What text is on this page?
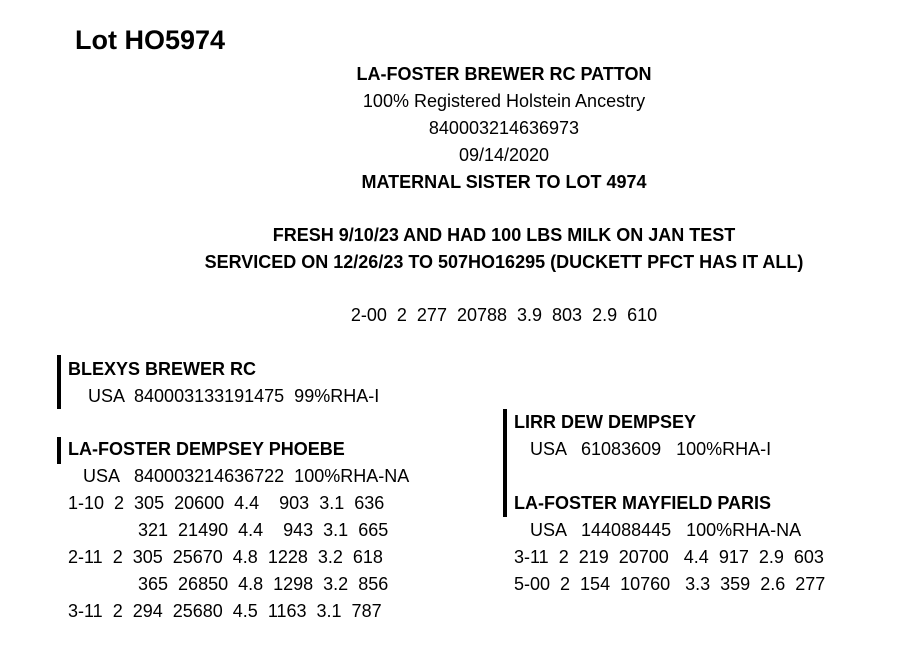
Lot HO5974
LA-FOSTER BREWER RC PATTON
100% Registered Holstein Ancestry
840003214636973
09/14/2020
MATERNAL SISTER TO LOT 4974
FRESH 9/10/23 AND HAD 100 LBS MILK ON JAN TEST
SERVICED ON 12/26/23 TO 507HO16295 (DUCKETT PFCT HAS IT ALL)
2-00  2  277  20788  3.9  803  2.9  610
BLEXYS BREWER RC
USA  840003133191475  99%RHA-I
LA-FOSTER DEMPSEY PHOEBE
USA   840003214636722  100%RHA-NA
1-10  2  305  20600  4.4    903  3.1  636
321  21490  4.4    943  3.1  665
2-11  2  305  25670  4.8  1228  3.2  618
365  26850  4.8  1298  3.2  856
3-11  2  294  25680  4.5  1163  3.1  787
LIRR DEW DEMPSEY
USA   61083609   100%RHA-I
LA-FOSTER MAYFIELD PARIS
USA   144088445   100%RHA-NA
3-11  2  219  20700   4.4  917  2.9  603
5-00  2  154  10760   3.3  359  2.6  277
